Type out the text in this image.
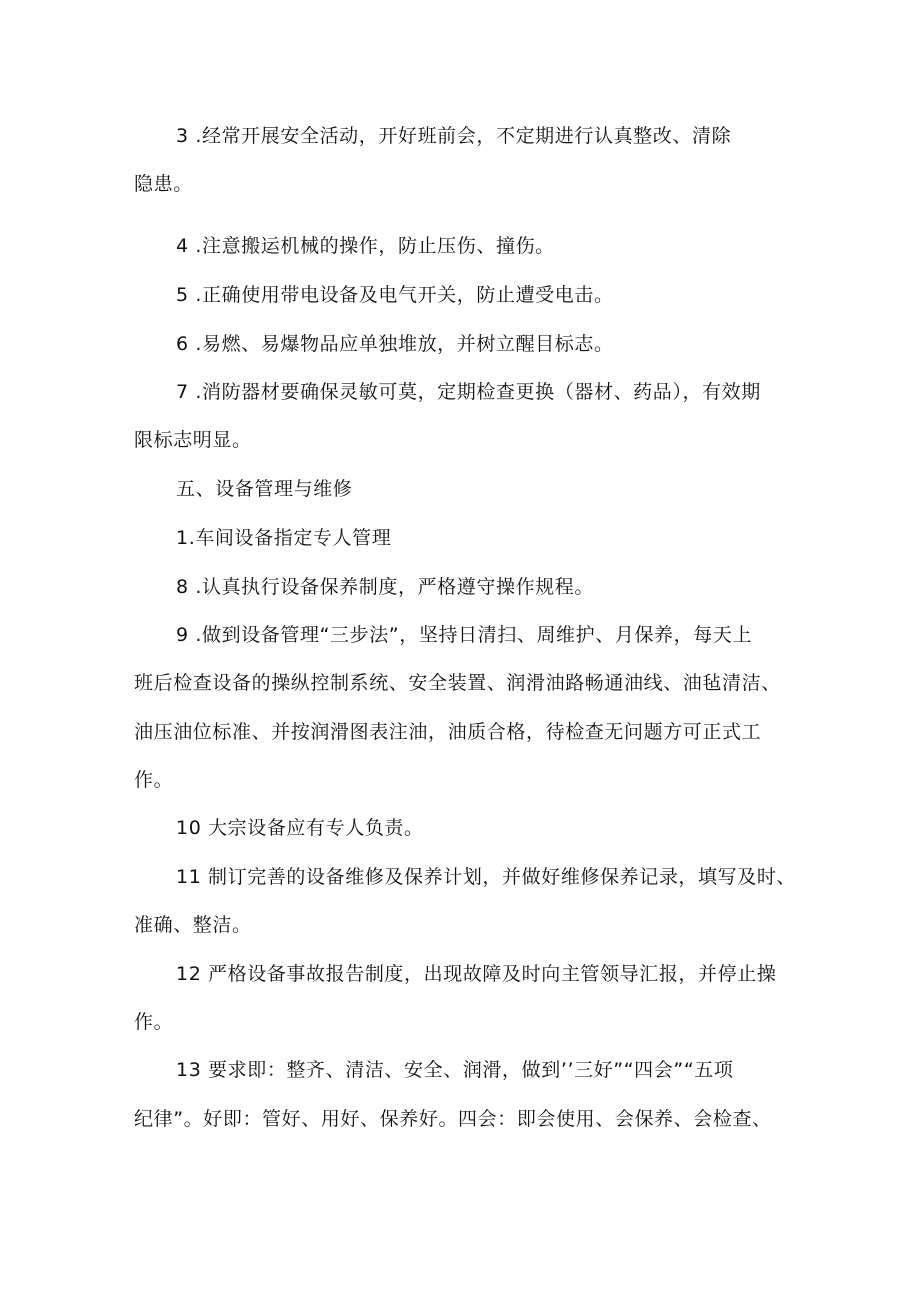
3 .经常开展安全活动，开好班前会，不定期进行认真整改、清除
隐患。
4 .注意搬运机械的操作，防止压伤、撞伤。
5 .正确使用带电设备及电气开关，防止遭受电击。
6 .易燃、易爆物品应单独堆放，并树立醒目标志。
7 .消防器材要确保灵敏可莫，定期检查更换（器材、药品），有效期
限标志明显。
五、设备管理与维修
1.车间设备指定专人管理
8 .认真执行设备保养制度，严格遵守操作规程。
9 .做到设备管理“三步法”，坚持日清扫、周维护、月保养，每天上
班后检查设备的操纵控制系统、安全装置、润滑油路畅通油线、油毡清洁、
油压油位标准、并按润滑图表注油，油质合格，待检查无问题方可正式工
作。
10 大宗设备应有专人负责。
11 制订完善的设备维修及保养计划，并做好维修保养记录，填写及时、
准确、整洁。
12 严格设备事故报告制度，出现故障及时向主管领导汇报，并停止操
作。
13 要求即：整齐、清洁、安全、润滑，做到’’三好”“四会”“五项
纪律”。好即：管好、用好、保养好。四会：即会使用、会保养、会检查、
